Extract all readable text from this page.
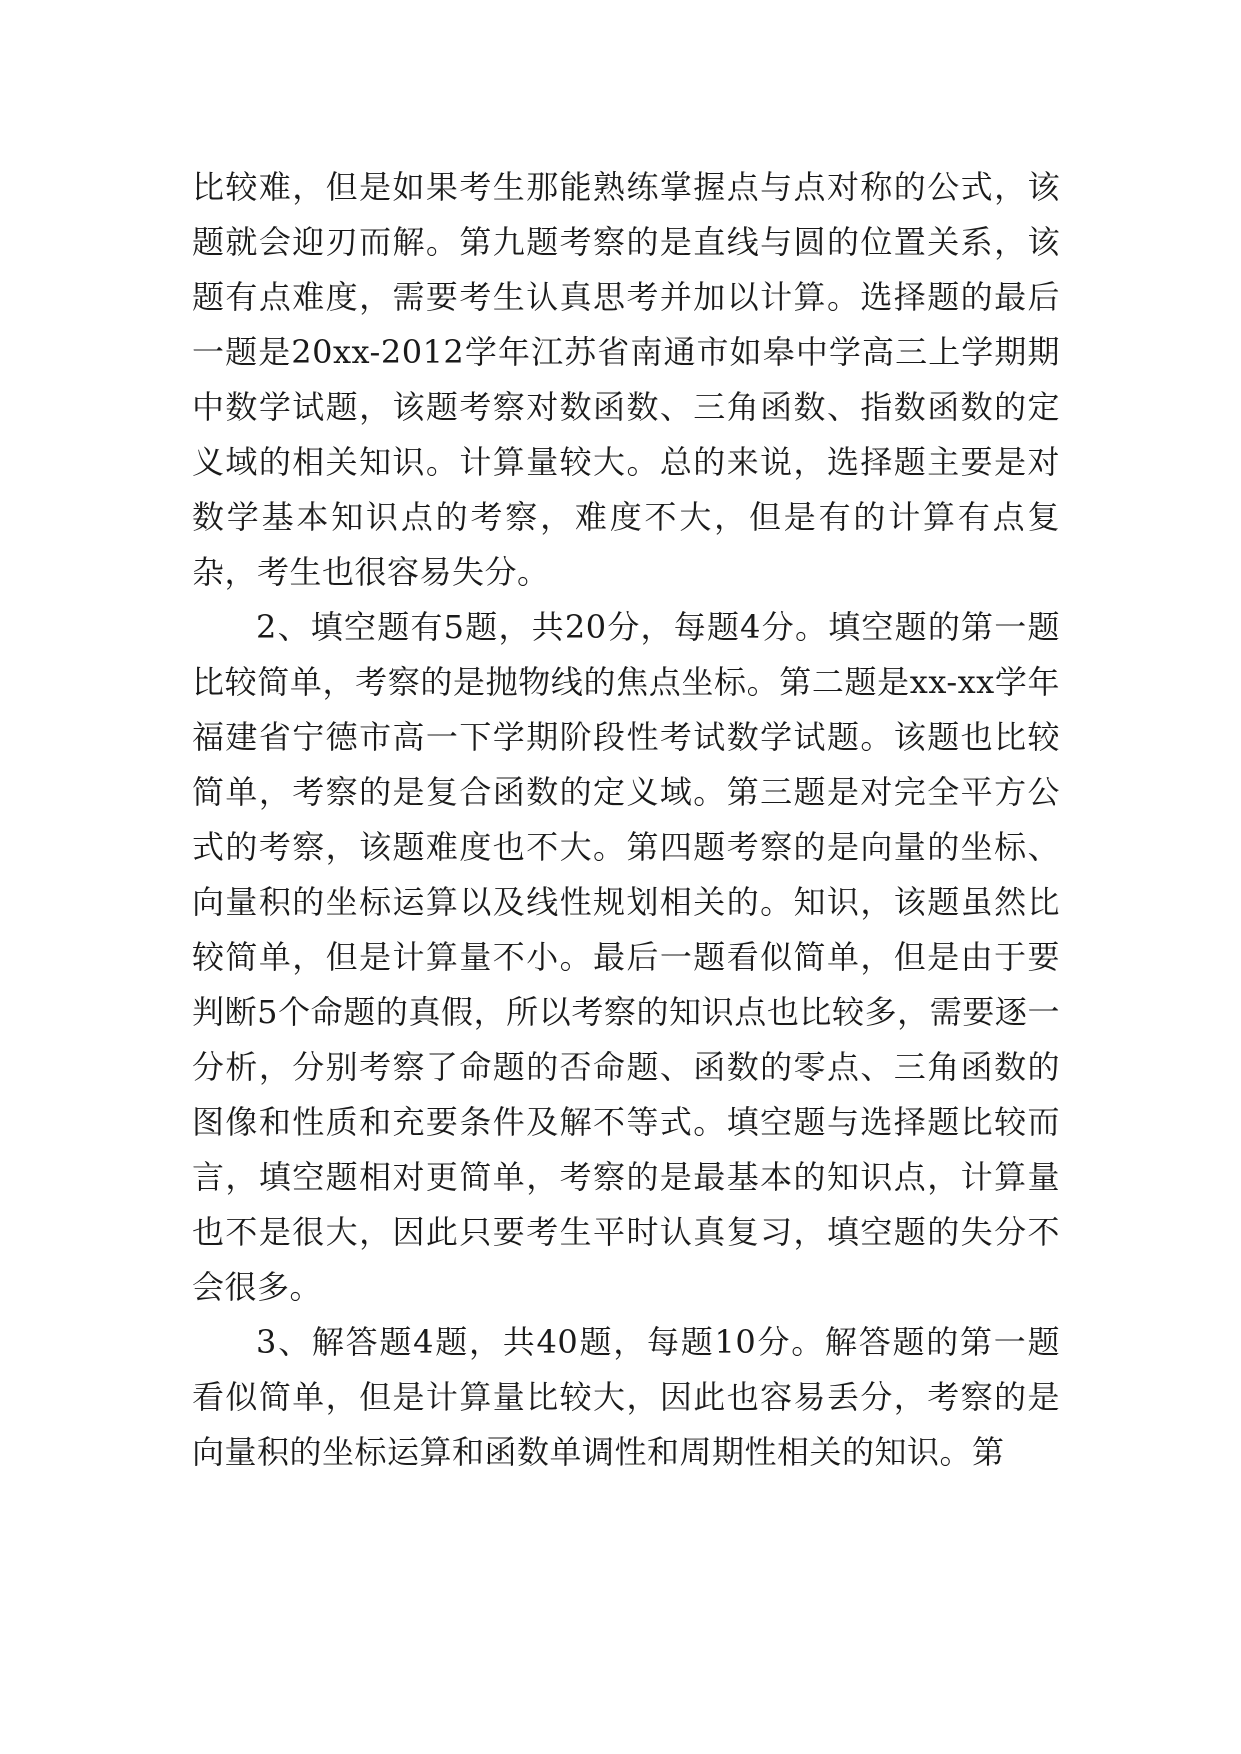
比较难，但是如果考生那能熟练掌握点与点对称的公式，该题就会迎刃而解。第九题考察的是直线与圆的位置关系，该题有点难度，需要考生认真思考并加以计算。选择题的最后一题是20xx-2012学年江苏省南通市如皋中学高三上学期期中数学试题，该题考察对数函数、三角函数、指数函数的定义域的相关知识。计算量较大。总的来说，选择题主要是对数学基本知识点的考察，难度不大，但是有的计算有点复杂，考生也很容易失分。

2、填空题有5题，共20分，每题4分。填空题的第一题比较简单，考察的是抛物线的焦点坐标。第二题是xx-xx学年福建省宁德市高一下学期阶段性考试数学试题。该题也比较简单，考察的是复合函数的定义域。第三题是对完全平方公式的考察，该题难度也不大。第四题考察的是向量的坐标、向量积的坐标运算以及线性规划相关的。知识，该题虽然比较简单，但是计算量不小。最后一题看似简单，但是由于要判断5个命题的真假，所以考察的知识点也比较多，需要逐一分析，分别考察了命题的否命题、函数的零点、三角函数的图像和性质和充要条件及解不等式。填空题与选择题比较而言，填空题相对更简单，考察的是最基本的知识点，计算量也不是很大，因此只要考生平时认真复习，填空题的失分不会很多。

3、解答题4题，共40题，每题10分。解答题的第一题看似简单，但是计算量比较大，因此也容易丢分，考察的是向量积的坐标运算和函数单调性和周期性相关的知识。第
